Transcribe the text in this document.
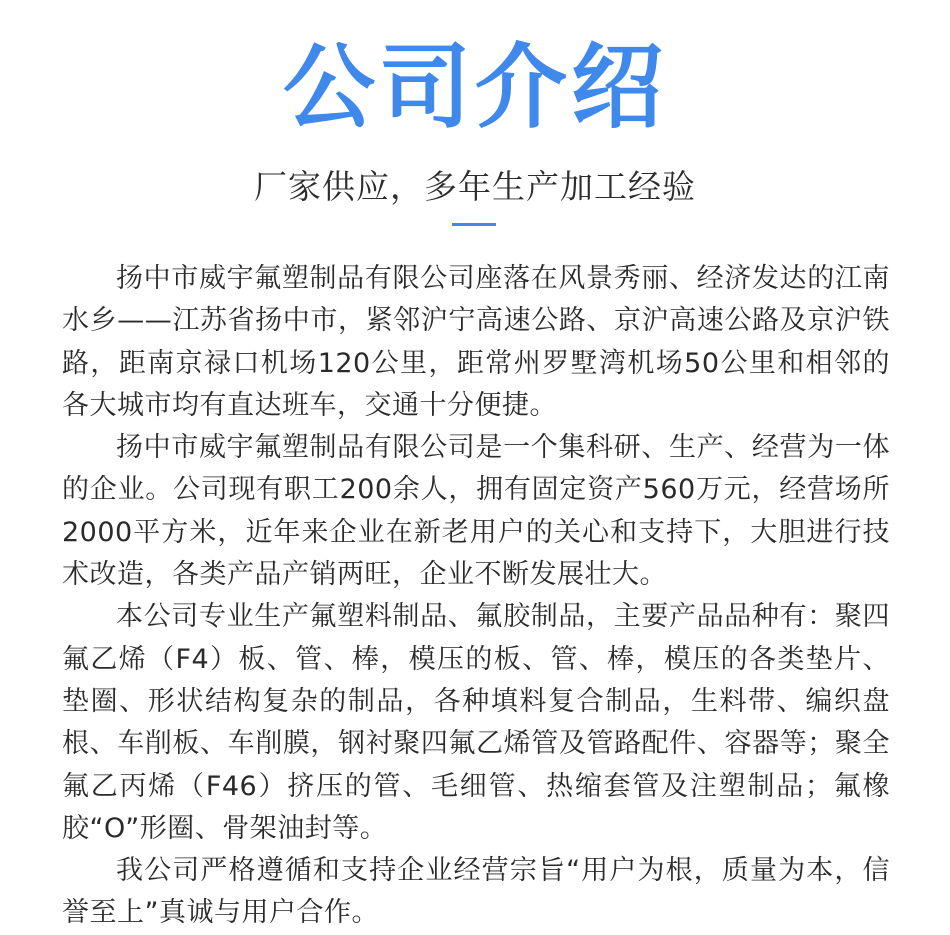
公司介绍
厂家供应，多年生产加工经验

扬中市威宇氟塑制品有限公司座落在风景秀丽、经济发达的江南水乡——江苏省扬中市，紧邻沪宁高速公路、京沪高速公路及京沪铁路，距南京禄口机场120公里，距常州罗墅湾机场50公里和相邻的各大城市均有直达班车，交通十分便捷。

扬中市威宇氟塑制品有限公司是一个集科研、生产、经营为一体的企业。公司现有职工200余人，拥有固定资产560万元，经营场所2000平方米，近年来企业在新老用户的关心和支持下，大胆进行技术改造，各类产品产销两旺，企业不断发展壮大。

本公司专业生产氟塑料制品、氟胶制品，主要产品品种有：聚四氟乙烯（F4）板、管、棒，模压的板、管、棒，模压的各类垫片、垫圈、形状结构复杂的制品，各种填料复合制品，生料带、编织盘根、车削板、车削膜，钢衬聚四氟乙烯管及管路配件、容器等；聚全氟乙丙烯（F46）挤压的管、毛细管、热缩套管及注塑制品；氟橡胶“O”形圈、骨架油封等。

我公司严格遵循和支持企业经营宗旨“用户为根，质量为本，信誉至上”真诚与用户合作。
